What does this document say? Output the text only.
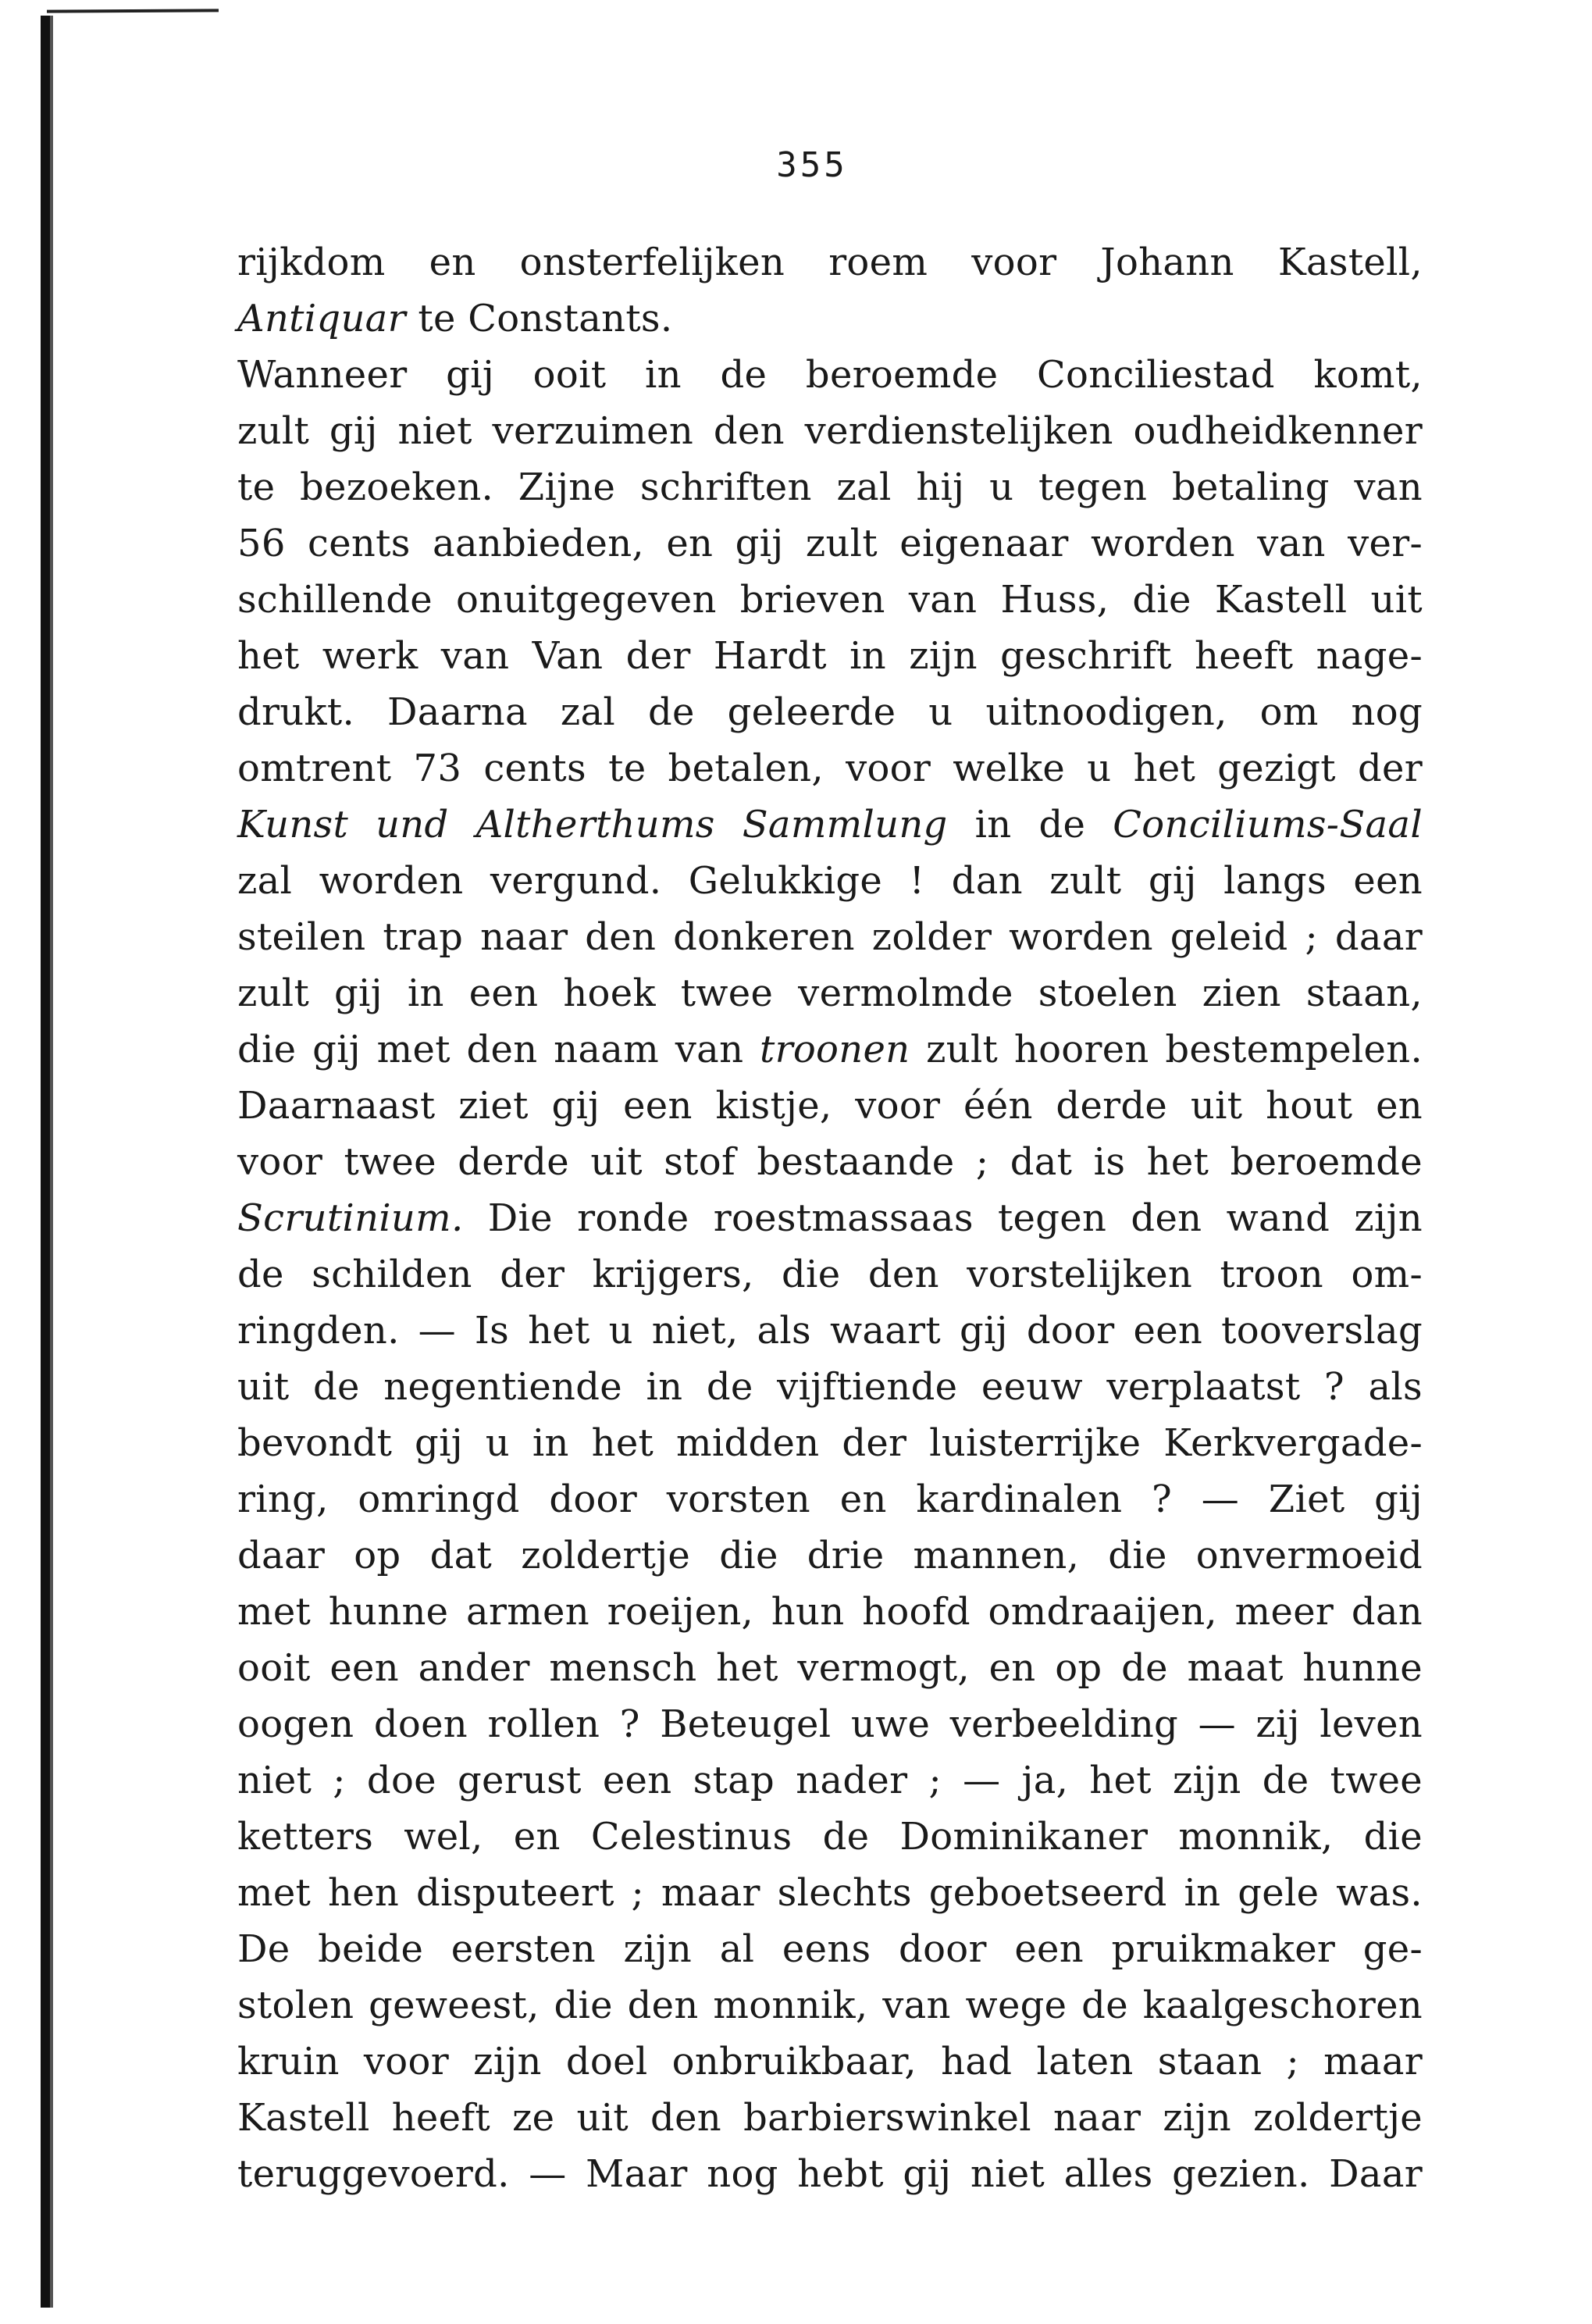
355
rijkdom en onsterfelijken roem voor Johann Kastell,
Antiquar te Constants.
Wanneer gij ooit in de beroemde Conciliestad komt,
zult gij niet verzuimen den verdienstelijken oudheidkenner
te bezoeken. Zijne schriften zal hij u tegen betaling van
56 cents aanbieden, en gij zult eigenaar worden van ver-
schillende onuitgegeven brieven van Huss, die Kastell uit
het werk van Van der Hardt in zijn geschrift heeft nage-
drukt. Daarna zal de geleerde u uitnoodigen, om nog
omtrent 73 cents te betalen, voor welke u het gezigt der
Kunst und Altherthums Sammlung in de Conciliums-Saal
zal worden vergund. Gelukkige ! dan zult gij langs een
steilen trap naar den donkeren zolder worden geleid ; daar
zult gij in een hoek twee vermolmde stoelen zien staan,
die gij met den naam van troonen zult hooren bestempelen.
Daarnaast ziet gij een kistje, voor één derde uit hout en
voor twee derde uit stof bestaande ; dat is het beroemde
Scrutinium. Die ronde roestmassaas tegen den wand zijn
de schilden der krijgers, die den vorstelijken troon om-
ringden. — Is het u niet, als waart gij door een tooverslag
uit de negentiende in de vijftiende eeuw verplaatst ? als
bevondt gij u in het midden der luisterrijke Kerkvergade-
ring, omringd door vorsten en kardinalen ? — Ziet gij
daar op dat zoldertje die drie mannen, die onvermoeid
met hunne armen roeijen, hun hoofd omdraaijen, meer dan
ooit een ander mensch het vermogt, en op de maat hunne
oogen doen rollen ? Beteugel uwe verbeelding — zij leven
niet ; doe gerust een stap nader ; — ja, het zijn de twee
ketters wel, en Celestinus de Dominikaner monnik, die
met hen disputeert ; maar slechts geboetseerd in gele was.
De beide eersten zijn al eens door een pruikmaker ge-
stolen geweest, die den monnik, van wege de kaalgeschoren
kruin voor zijn doel onbruikbaar, had laten staan ; maar
Kastell heeft ze uit den barbierswinkel naar zijn zoldertje
teruggevoerd. — Maar nog hebt gij niet alles gezien. Daar
